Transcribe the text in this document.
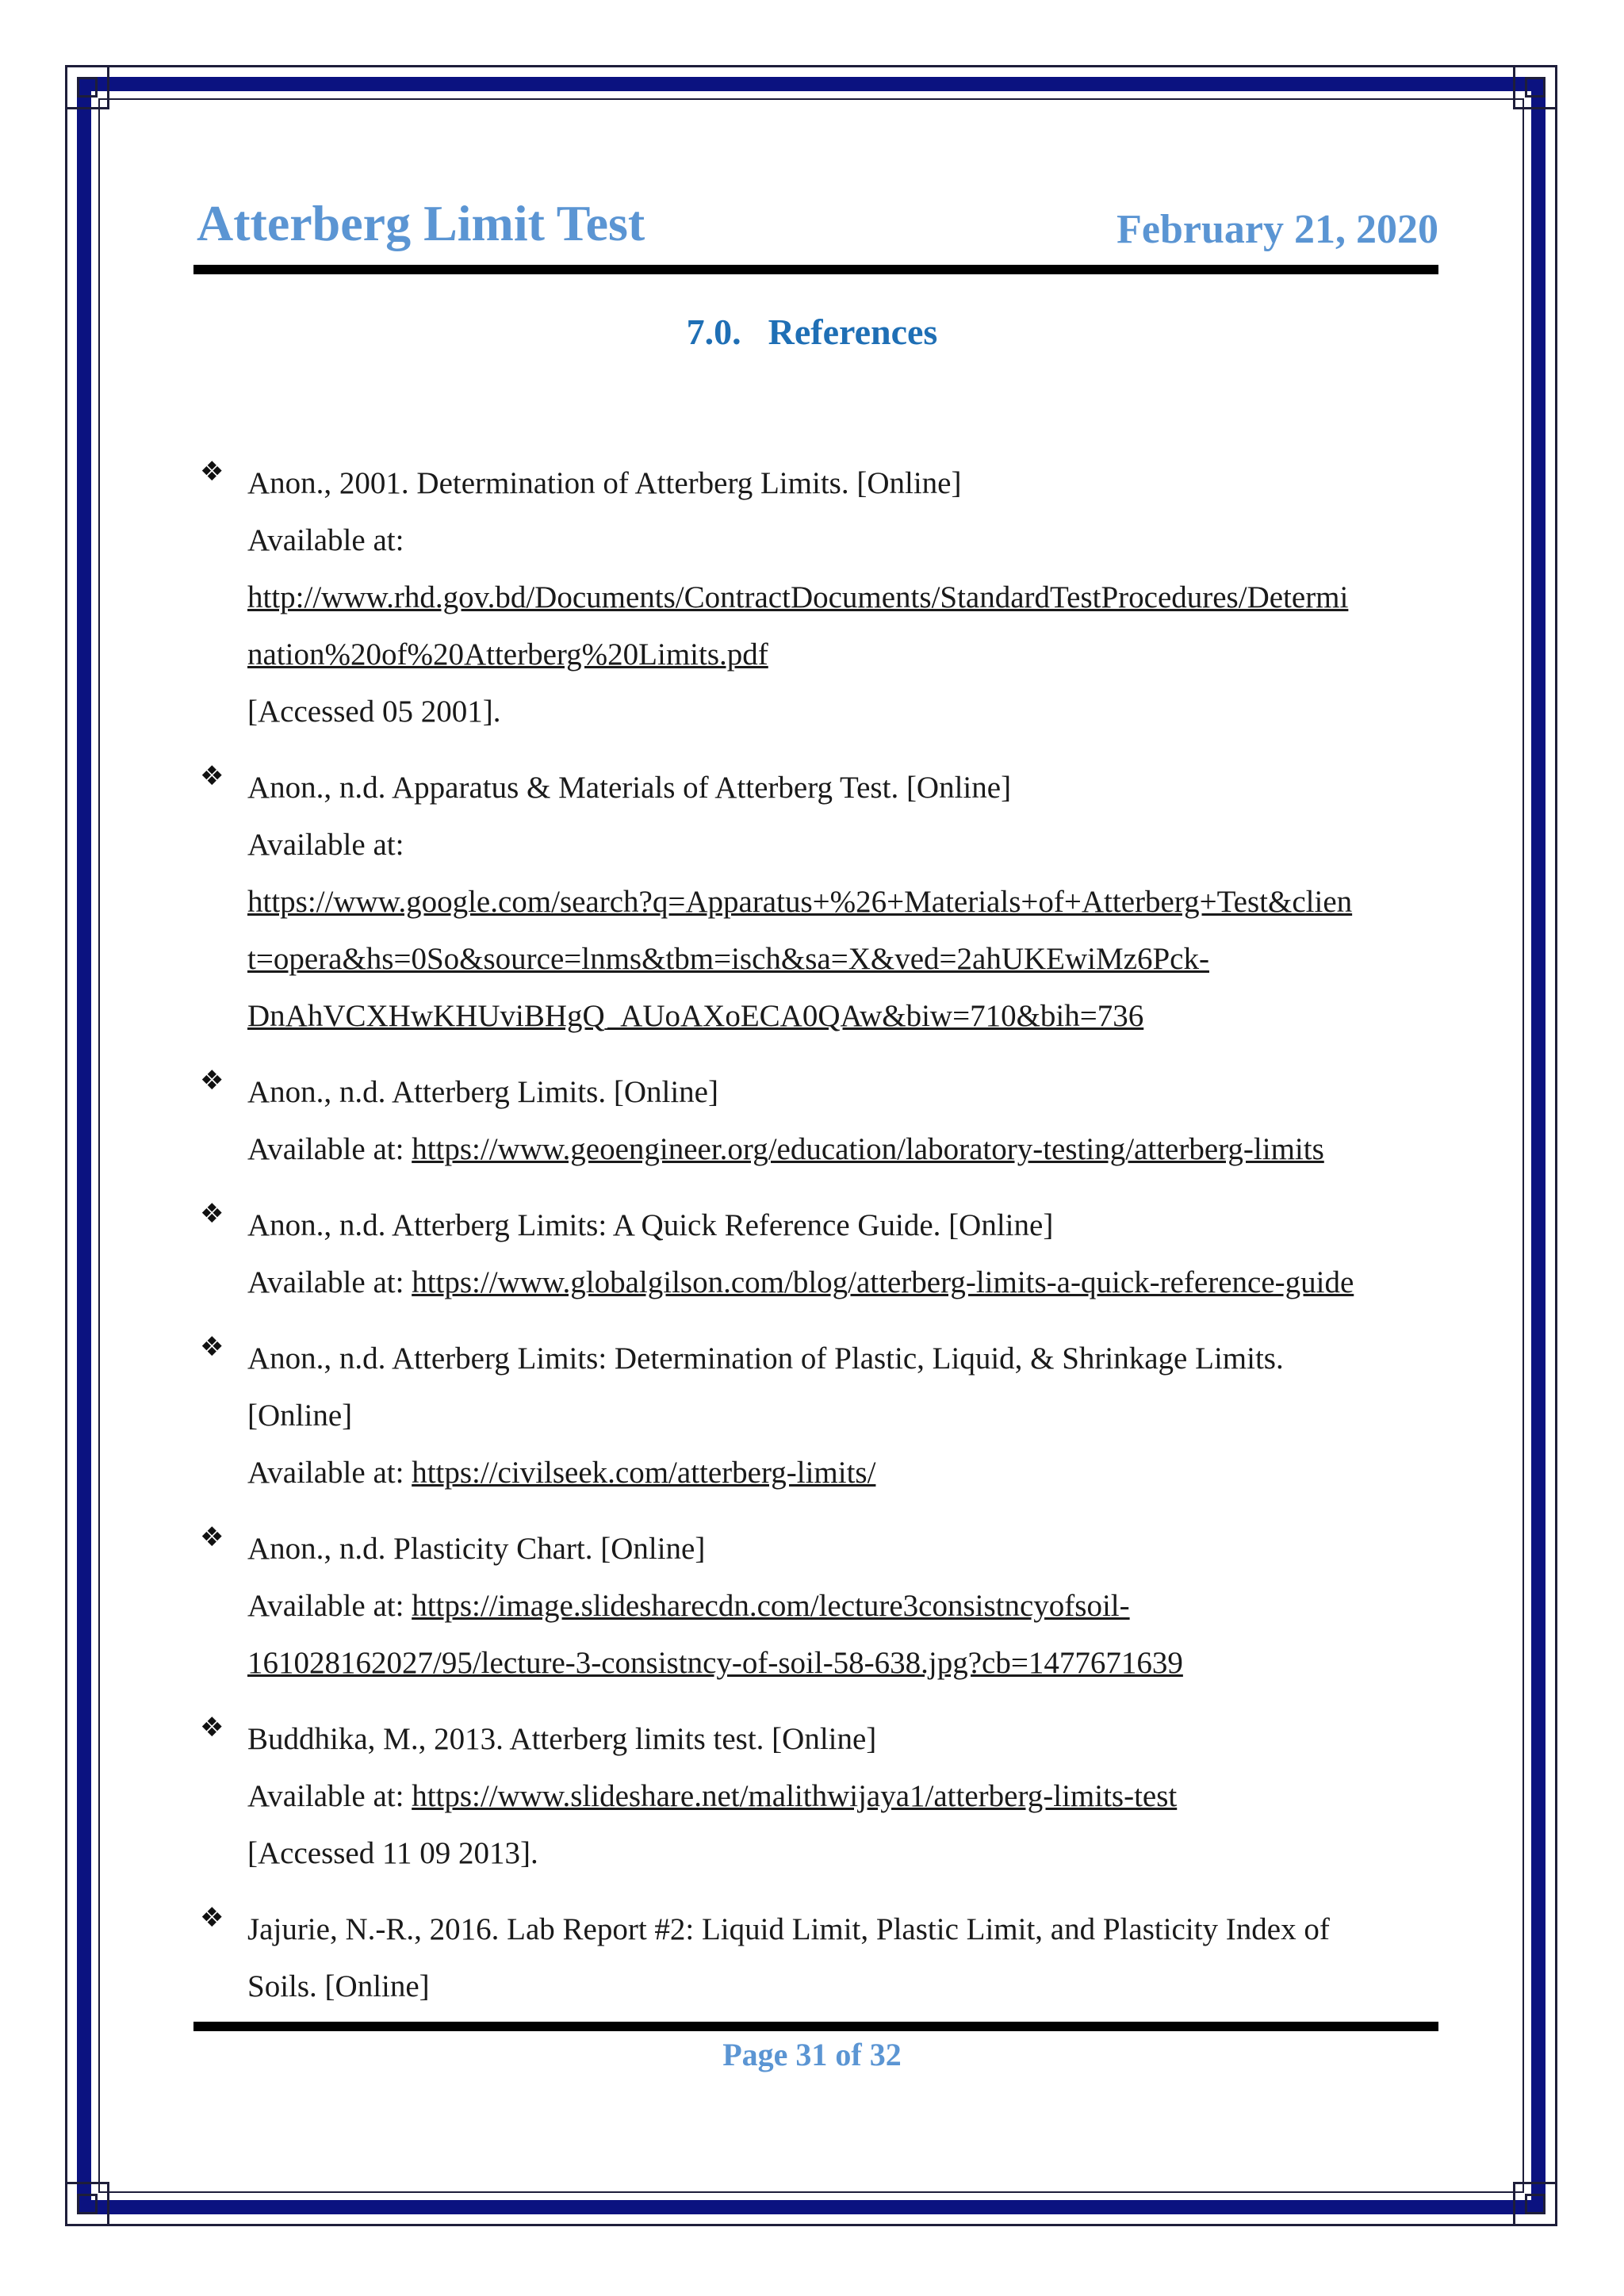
Atterberg Limit Test	February 21, 2020
7.0. References
❖ Anon., 2001. Determination of Atterberg Limits. [Online]
Available at:
http://www.rhd.gov.bd/Documents/ContractDocuments/StandardTestProcedures/Determi
nation%20of%20Atterberg%20Limits.pdf
[Accessed 05 2001].
❖ Anon., n.d. Apparatus & Materials of Atterberg Test. [Online]
Available at:
https://www.google.com/search?q=Apparatus+%26+Materials+of+Atterberg+Test&clien
t=opera&hs=0So&source=lnms&tbm=isch&sa=X&ved=2ahUKEwiMz6Pck-
DnAhVCXHwKHUviBHgQ_AUoAXoECA0QAw&biw=710&bih=736
❖ Anon., n.d. Atterberg Limits. [Online]
Available at: https://www.geoengineer.org/education/laboratory-testing/atterberg-limits
❖ Anon., n.d. Atterberg Limits: A Quick Reference Guide. [Online]
Available at: https://www.globalgilson.com/blog/atterberg-limits-a-quick-reference-guide
❖ Anon., n.d. Atterberg Limits: Determination of Plastic, Liquid, & Shrinkage Limits.
[Online]
Available at: https://civilseek.com/atterberg-limits/
❖ Anon., n.d. Plasticity Chart. [Online]
Available at: https://image.slidesharecdn.com/lecture3consistncyofsoil-
161028162027/95/lecture-3-consistncy-of-soil-58-638.jpg?cb=1477671639
❖ Buddhika, M., 2013. Atterberg limits test. [Online]
Available at: https://www.slideshare.net/malithwijaya1/atterberg-limits-test
[Accessed 11 09 2013].
❖ Jajurie, N.-R., 2016. Lab Report #2: Liquid Limit, Plastic Limit, and Plasticity Index of
Soils. [Online]
Page 31 of 32
